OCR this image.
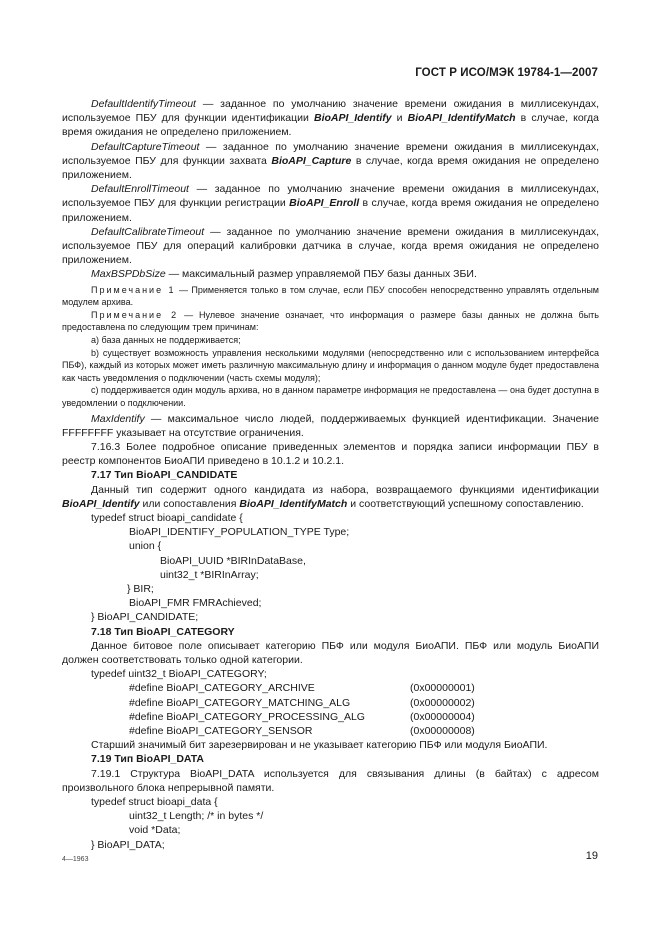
ГОСТ Р ИСО/МЭК 19784-1—2007

DefaultIdentifyTimeout — заданное по умолчанию значение времени ожидания в миллисекундах, используемое ПБУ для функции идентификации BioAPI_Identify и BioAPI_IdentifyMatch в случае, когда время ожидания не определено приложением.

DefaultCaptureTimeout — заданное по умолчанию значение времени ожидания в миллисекундах, используемое ПБУ для функции захвата BioAPI_Capture в случае, когда время ожидания не определено приложением.

DefaultEnrollTimeout — заданное по умолчанию значение времени ожидания в миллисекундах, используемое ПБУ для функции регистрации BioAPI_Enroll в случае, когда время ожидания не определено приложением.

DefaultCalibrateTimeout — заданное по умолчанию значение времени ожидания в миллисекундах, используемое ПБУ для операций калибровки датчика в случае, когда время ожидания не определено приложением.

MaxBSPDbSize — максимальный размер управляемой ПБУ базы данных ЗБИ.

Примечание 1 — Применяется только в том случае, если ПБУ способен непосредственно управлять отдельным модулем архива.

Примечание 2 — Нулевое значение означает, что информация о размере базы данных не должна быть предоставлена по следующим трем причинам:

а) база данных не поддерживается;

b) существует возможность управления несколькими модулями (непосредственно или с использованием интерфейса ПБФ), каждый из которых может иметь различную максимальную длину и информация о данном модуле будет предоставлена как часть уведомления о подключении (часть схемы модуля);

c) поддерживается один модуль архива, но в данном параметре информация не предоставлена — она будет доступна в уведомлении о подключении.

MaxIdentify — максимальное число людей, поддерживаемых функцией идентификации. Значение FFFFFFFF указывает на отсутствие ограничения.

7.16.3 Более подробное описание приведенных элементов и порядка записи информации ПБУ в реестр компонентов БиоАПИ приведено в 10.1.2 и 10.2.1.

7.17 Тип BioAPI_CANDIDATE

Данный тип содержит одного кандидата из набора, возвращаемого функциями идентификации BioAPI_Identify или сопоставления BioAPI_IdentifyMatch и соответствующий успешному сопоставлению.

typedef struct bioapi_candidate {
BioAPI_IDENTIFY_POPULATION_TYPE Type;
union {
BioAPI_UUID *BIRInDataBase,
uint32_t *BIRInArray;
} BIR;
BioAPI_FMR FMRAchieved;
} BioAPI_CANDIDATE;

7.18 Тип BioAPI_CATEGORY

Данное битовое поле описывает категорию ПБФ или модуля БиоАПИ. ПБФ или модуль БиоАПИ должен соответствовать только одной категории.

typedef uint32_t BioAPI_CATEGORY;
#define BioAPI_CATEGORY_ARCHIVE	(0x00000001)
#define BioAPI_CATEGORY_MATCHING_ALG	(0x00000002)
#define BioAPI_CATEGORY_PROCESSING_ALG	(0x00000004)
#define BioAPI_CATEGORY_SENSOR	(0x00000008)

Старший значимый бит зарезервирован и не указывает категорию ПБФ или модуля БиоАПИ.

7.19 Тип BioAPI_DATA

7.19.1 Структура BioAPI_DATA используется для связывания длины (в байтах) с адресом произвольного блока непрерывной памяти.

typedef struct bioapi_data {
uint32_t Length; /* in bytes */
void *Data;
} BioAPI_DATA;
4—1963	19
